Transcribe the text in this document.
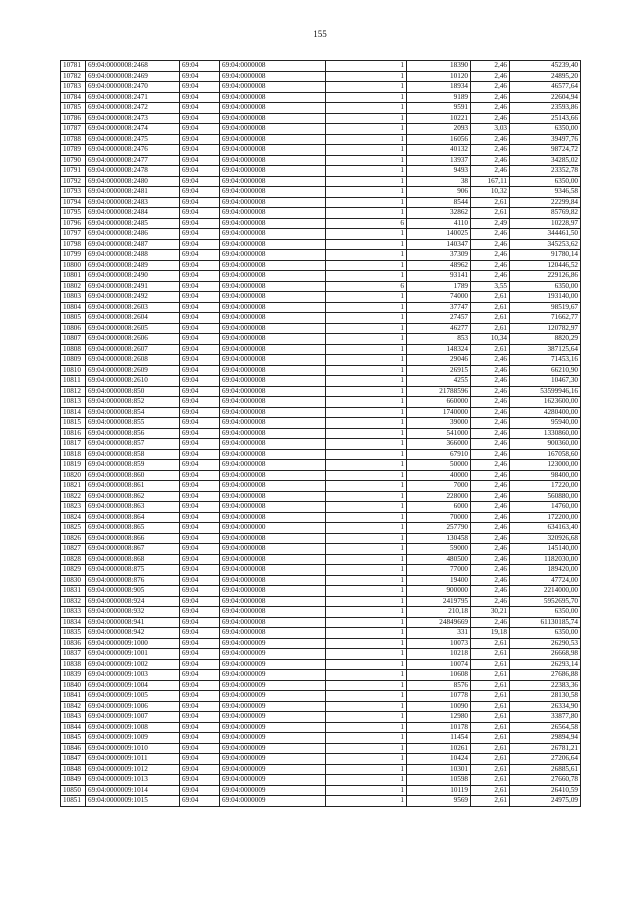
155
10781	69:04:0000008:2468	69:04	69:04:0000008	1	18390	2,46	45239,40
10782	69:04:0000008:2469	69:04	69:04:0000008	1	10120	2,46	24895,20
10783	69:04:0000008:2470	69:04	69:04:0000008	1	18934	2,46	46577,64
10784	69:04:0000008:2471	69:04	69:04:0000008	1	9189	2,46	22604,94
10785	69:04:0000008:2472	69:04	69:04:0000008	1	9591	2,46	23593,86
10786	69:04:0000008:2473	69:04	69:04:0000008	1	10221	2,46	25143,66
10787	69:04:0000008:2474	69:04	69:04:0000008	1	2093	3,03	6350,00
10788	69:04:0000008:2475	69:04	69:04:0000008	1	16056	2,46	39497,76
10789	69:04:0000008:2476	69:04	69:04:0000008	1	40132	2,46	98724,72
10790	69:04:0000008:2477	69:04	69:04:0000008	1	13937	2,46	34285,02
10791	69:04:0000008:2478	69:04	69:04:0000008	1	9493	2,46	23352,78
10792	69:04:0000008:2480	69:04	69:04:0000008	1	38	167,11	6350,00
10793	69:04:0000008:2481	69:04	69:04:0000008	1	906	10,32	9346,58
10794	69:04:0000008:2483	69:04	69:04:0000008	1	8544	2,61	22299,84
10795	69:04:0000008:2484	69:04	69:04:0000008	1	32862	2,61	85769,82
10796	69:04:0000008:2485	69:04	69:04:0000008	6	4110	2,49	10228,97
10797	69:04:0000008:2486	69:04	69:04:0000008	1	140025	2,46	344461,50
10798	69:04:0000008:2487	69:04	69:04:0000008	1	140347	2,46	345253,62
10799	69:04:0000008:2488	69:04	69:04:0000008	1	37309	2,46	91780,14
10800	69:04:0000008:2489	69:04	69:04:0000008	1	48962	2,46	120446,52
10801	69:04:0000008:2490	69:04	69:04:0000008	1	93141	2,46	229126,86
10802	69:04:0000008:2491	69:04	69:04:0000008	6	1789	3,55	6350,00
10803	69:04:0000008:2492	69:04	69:04:0000008	1	74000	2,61	193140,00
10804	69:04:0000008:2603	69:04	69:04:0000008	1	37747	2,61	98519,67
10805	69:04:0000008:2604	69:04	69:04:0000008	1	27457	2,61	71662,77
10806	69:04:0000008:2605	69:04	69:04:0000008	1	46277	2,61	120782,97
10807	69:04:0000008:2606	69:04	69:04:0000008	1	853	10,34	8820,29
10808	69:04:0000008:2607	69:04	69:04:0000008	1	148324	2,61	387125,64
10809	69:04:0000008:2608	69:04	69:04:0000008	1	29046	2,46	71453,16
10810	69:04:0000008:2609	69:04	69:04:0000008	1	26915	2,46	66210,90
10811	69:04:0000008:2610	69:04	69:04:0000008	1	4255	2,46	10467,30
10812	69:04:0000008:850	69:04	69:04:0000008	1	21788596	2,46	53599946,16
10813	69:04:0000008:852	69:04	69:04:0000008	1	660000	2,46	1623600,00
10814	69:04:0000008:854	69:04	69:04:0000008	1	1740000	2,46	4280400,00
10815	69:04:0000008:855	69:04	69:04:0000008	1	39000	2,46	95940,00
10816	69:04:0000008:856	69:04	69:04:0000008	1	541000	2,46	1330860,00
10817	69:04:0000008:857	69:04	69:04:0000008	1	366000	2,46	900360,00
10818	69:04:0000008:858	69:04	69:04:0000008	1	67910	2,46	167058,60
10819	69:04:0000008:859	69:04	69:04:0000008	1	50000	2,46	123000,00
10820	69:04:0000008:860	69:04	69:04:0000008	1	40000	2,46	98400,00
10821	69:04:0000008:861	69:04	69:04:0000008	1	7000	2,46	17220,00
10822	69:04:0000008:862	69:04	69:04:0000008	1	228000	2,46	560880,00
10823	69:04:0000008:863	69:04	69:04:0000008	1	6000	2,46	14760,00
10824	69:04:0000008:864	69:04	69:04:0000008	1	70000	2,46	172200,00
10825	69:04:0000008:865	69:04	69:04:0000000	1	257790	2,46	634163,40
10826	69:04:0000008:866	69:04	69:04:0000008	1	130458	2,46	320926,68
10827	69:04:0000008:867	69:04	69:04:0000008	1	59000	2,46	145140,00
10828	69:04:0000008:868	69:04	69:04:0000008	1	480500	2,46	1182030,00
10829	69:04:0000008:875	69:04	69:04:0000008	1	77000	2,46	189420,00
10830	69:04:0000008:876	69:04	69:04:0000008	1	19400	2,46	47724,00
10831	69:04:0000008:905	69:04	69:04:0000008	1	900000	2,46	2214000,00
10832	69:04:0000008:924	69:04	69:04:0000008	1	2419795	2,46	5952695,70
10833	69:04:0000008:932	69:04	69:04:0000008	1	210,18	30,21	6350,00
10834	69:04:0000008:941	69:04	69:04:0000008	1	24849669	2,46	61130185,74
10835	69:04:0000008:942	69:04	69:04:0000008	1	331	19,18	6350,00
10836	69:04:0000009:1000	69:04	69:04:0000009	1	10073	2,61	26290,53
10837	69:04:0000009:1001	69:04	69:04:0000009	1	10218	2,61	26668,98
10838	69:04:0000009:1002	69:04	69:04:0000009	1	10074	2,61	26293,14
10839	69:04:0000009:1003	69:04	69:04:0000009	1	10608	2,61	27686,88
10840	69:04:0000009:1004	69:04	69:04:0000009	1	8576	2,61	22383,36
10841	69:04:0000009:1005	69:04	69:04:0000009	1	10778	2,61	28130,58
10842	69:04:0000009:1006	69:04	69:04:0000009	1	10090	2,61	26334,90
10843	69:04:0000009:1007	69:04	69:04:0000009	1	12980	2,61	33877,80
10844	69:04:0000009:1008	69:04	69:04:0000009	1	10178	2,61	26564,58
10845	69:04:0000009:1009	69:04	69:04:0000009	1	11454	2,61	29894,94
10846	69:04:0000009:1010	69:04	69:04:0000009	1	10261	2,61	26781,21
10847	69:04:0000009:1011	69:04	69:04:0000009	1	10424	2,61	27206,64
10848	69:04:0000009:1012	69:04	69:04:0000009	1	10301	2,61	26885,61
10849	69:04:0000009:1013	69:04	69:04:0000009	1	10598	2,61	27660,78
10850	69:04:0000009:1014	69:04	69:04:0000009	1	10119	2,61	26410,59
10851	69:04:0000009:1015	69:04	69:04:0000009	1	9569	2,61	24975,09
